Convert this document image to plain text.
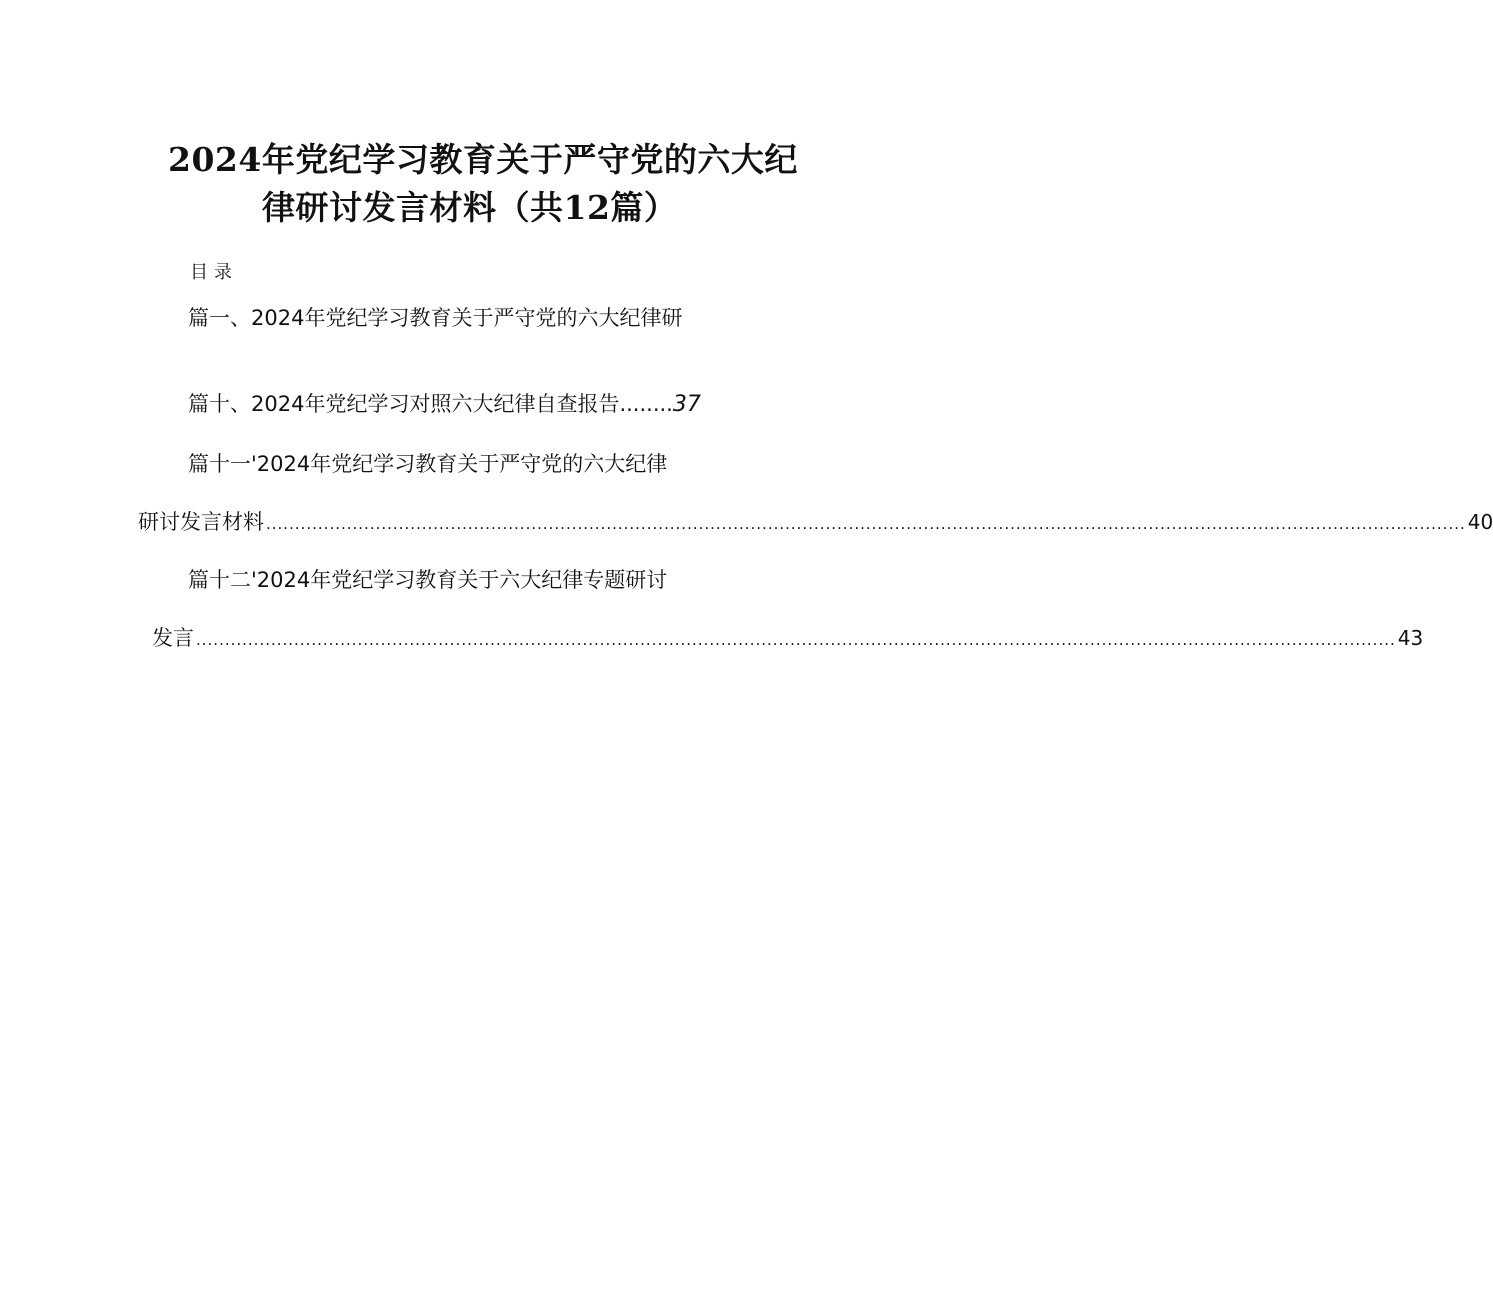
2024年党纪学习教育关于严守党的六大纪
律研讨发言材料（共12篇）
目录
篇一、2024年党纪学习教育关于严守党的六大纪律研
篇十、2024年党纪学习对照六大纪律自查报告........37
篇十一'2024年党纪学习教育关于严守党的六大纪律
研讨发言材料 ................................................................................................................................................................................................................ 40
篇十二'2024年党纪学习教育关于六大纪律专题研讨
发言 ................................................................................................................................................................................................................ 43
